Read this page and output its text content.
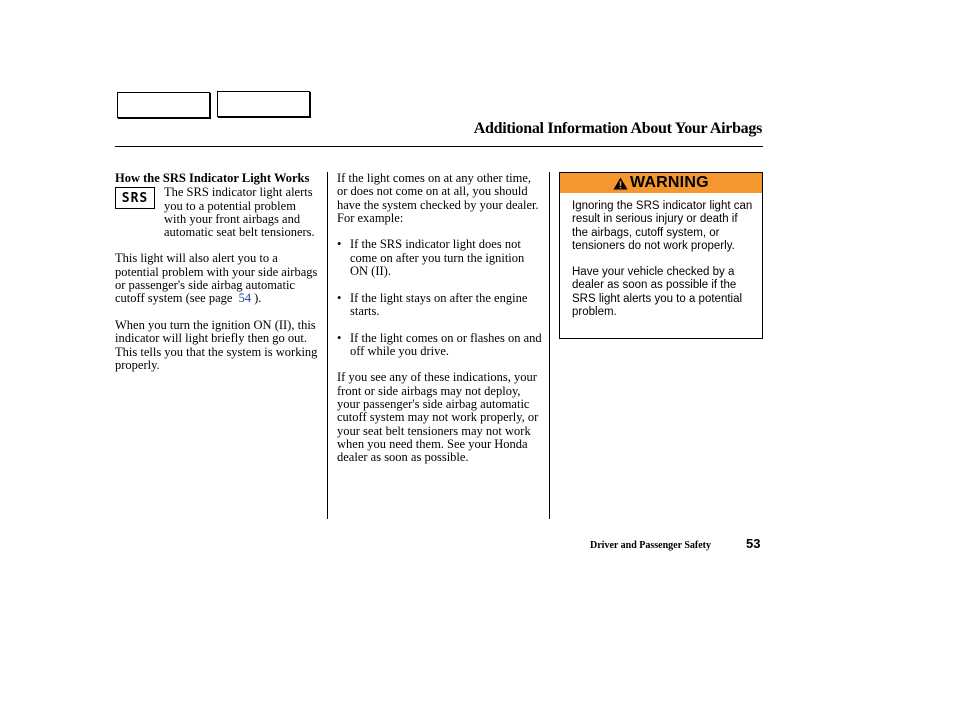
Additional Information About Your Airbags
How the SRS Indicator Light Works
SRS	The SRS indicator light alerts you to a potential problem with your front airbags and automatic seat belt tensioners.

This light will also alert you to a potential problem with your side airbags or passenger's side airbag automatic cutoff system (see page 54 ).

When you turn the ignition ON (II), this indicator will light briefly then go out. This tells you that the system is working properly.

If the light comes on at any other time, or does not come on at all, you should have the system checked by your dealer. For example:

• If the SRS indicator light does not come on after you turn the ignition ON (II).

• If the light stays on after the engine starts.

• If the light comes on or flashes on and off while you drive.

If you see any of these indications, your front or side airbags may not deploy, your passenger's side airbag automatic cutoff system may not work properly, or your seat belt tensioners may not work when you need them. See your Honda dealer as soon as possible.

WARNING

Ignoring the SRS indicator light can result in serious injury or death if the airbags, cutoff system, or tensioners do not work properly.

Have your vehicle checked by a dealer as soon as possible if the SRS light alerts you to a potential problem.

Driver and Passenger Safety	53
